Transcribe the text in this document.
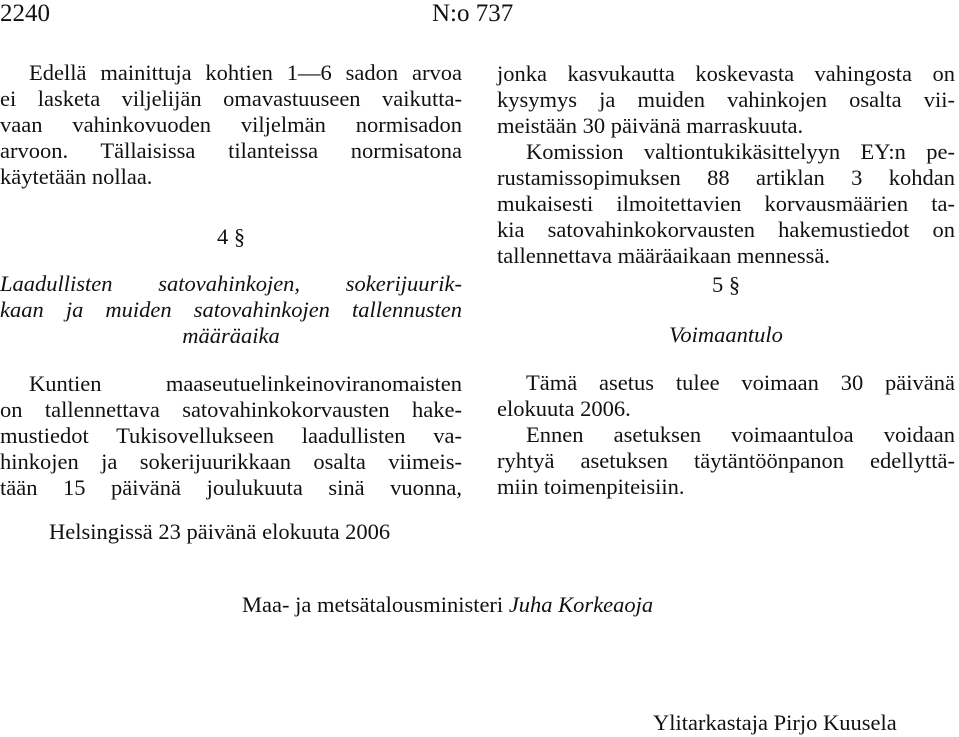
2240	N:o 737
Edellä mainittuja kohtien 1—6 sadon arvoa
ei lasketa viljelijän omavastuuseen vaikutta-
vaan vahinkovuoden viljelmän normisadon
arvoon. Tällaisissa tilanteissa normisatona
käytetään nollaa.
4 §
Laadullisten satovahinkojen, sokerijuurik-
kaan ja muiden satovahinkojen tallennusten
määräaika
Kuntien maaseutuelinkeinoviranomaisten
on tallennettava satovahinkokorvausten hake-
mustiedot Tukisovellukseen laadullisten va-
hinkojen ja sokerijuurikkaan osalta viimeis-
tään 15 päivänä joulukuuta sinä vuonna,
jonka kasvukautta koskevasta vahingosta on
kysymys ja muiden vahinkojen osalta vii-
meistään 30 päivänä marraskuuta.
Komission valtiontukikäsittelyyn EY:n pe-
rustamissopimuksen 88 artiklan 3 kohdan
mukaisesti ilmoitettavien korvausmäärien ta-
kia satovahinkokorvausten hakemustiedot on
tallennettava määräaikaan mennessä.
5 §
Voimaantulo
Tämä asetus tulee voimaan 30 päivänä
elokuuta 2006.
Ennen asetuksen voimaantuloa voidaan
ryhtyä asetuksen täytäntöönpanon edellyttä-
miin toimenpiteisiin.
Helsingissä 23 päivänä elokuuta 2006
Maa- ja metsätalousministeri Juha Korkeaoja
Ylitarkastaja Pirjo Kuusela
